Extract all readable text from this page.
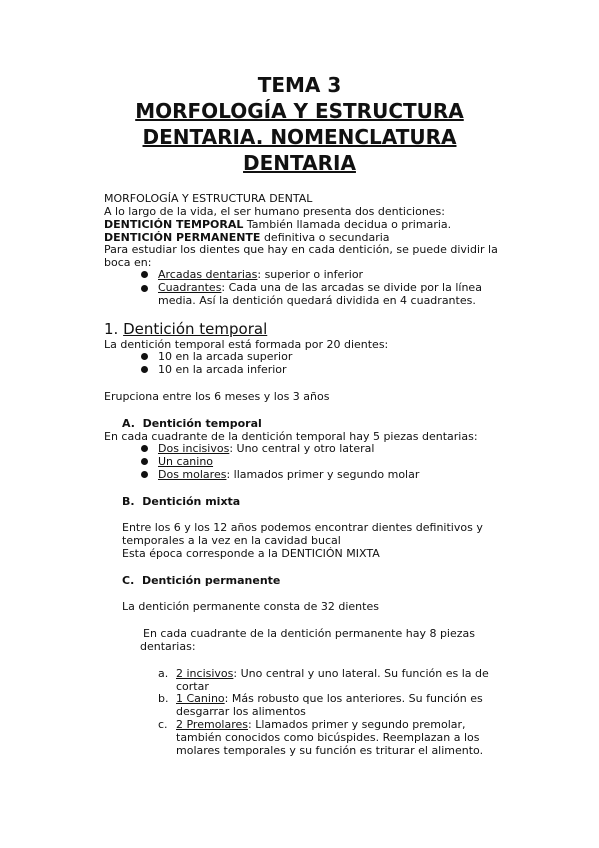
TEMA 3

MORFOLOGÍA Y ESTRUCTURA

DENTARIA. NOMENCLATURA

DENTARIA

MORFOLOGÍA Y ESTRUCTURA DENTAL
A lo largo de la vida, el ser humano presenta dos denticiones:
DENTICIÓN TEMPORAL También llamada decidua o primaria.
DENTICIÓN PERMANENTE definitiva o secundaria
Para estudiar los dientes que hay en cada dentición, se puede dividir la
boca en:
Arcadas dentarias: superior o inferior
Cuadrantes: Cada una de las arcadas se divide por la línea
media. Así la dentición quedará dividida en 4 cuadrantes.
1. Dentición temporal
La dentición temporal está formada por 20 dientes:
10 en la arcada superior
10 en la arcada inferior
Erupciona entre los 6 meses y los 3 años
A. Dentición temporal
En cada cuadrante de la dentición temporal hay 5 piezas dentarias:
Dos incisivos: Uno central y otro lateral
Un canino
Dos molares: llamados primer y segundo molar
B. Dentición mixta
Entre los 6 y los 12 años podemos encontrar dientes definitivos y
temporales a la vez en la cavidad bucal
Esta época corresponde a la DENTICIÓN MIXTA
C. Dentición permanente
La dentición permanente consta de 32 dientes
En cada cuadrante de la dentición permanente hay 8 piezas
dentarias:
a. 2 incisivos: Uno central y uno lateral. Su función es la de
cortar
b. 1 Canino: Más robusto que los anteriores. Su función es
desgarrar los alimentos
c. 2 Premolares: Llamados primer y segundo premolar,
también conocidos como bicúspides. Reemplazan a los
molares temporales y su función es triturar el alimento.
